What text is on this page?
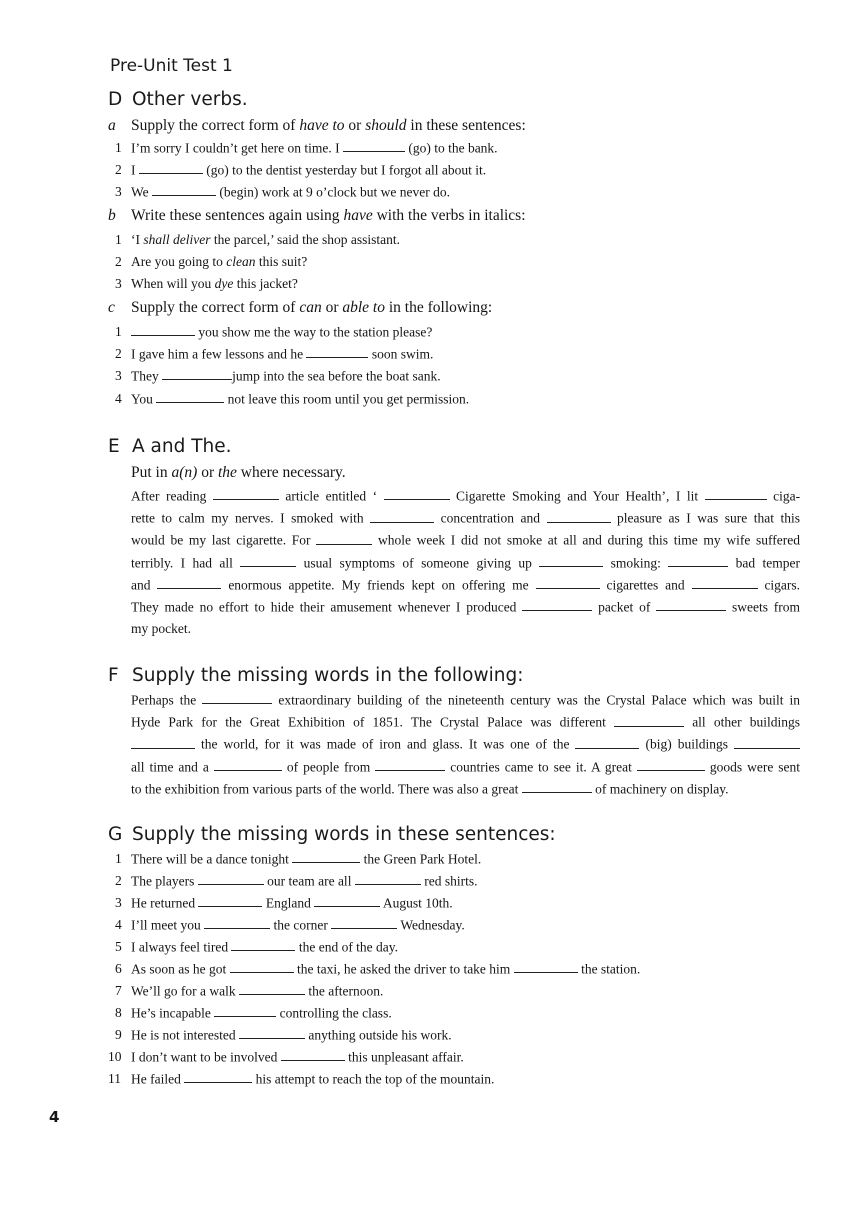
Pre-Unit Test 1
D Other verbs.
a Supply the correct form of have to or should in these sentences:
1 I’m sorry I couldn’t get here on time. I	(go) to the bank.
2 I	(go) to the dentist yesterday but I forgot all about it.
3 We	(begin) work at 9 o’clock but we never do.
b Write these sentences again using have with the verbs in italics:
1 ‘I shall deliver the parcel,’ said the shop assistant.
2 Are you going to clean this suit?
3 When will you dye this jacket?
c Supply the correct form of can or able to in the following:
1	you show me the way to the station please?
2 I gave him a few lessons and he	soon swim.
3 They	jump into the sea before the boat sank.
4 You	not leave this room until you get permission.
E A and The.
Put in a(n) or the where necessary.
After reading	article entitled ‘	Cigarette Smoking and Your Health’, I lit	ciga-
rette to calm my nerves. I smoked with	concentration and	pleasure as I was sure that this
would be my last cigarette. For	whole week I did not smoke at all and during this time my wife suffered
terribly. I had all	usual symptoms of someone giving up	smoking:	bad temper
and	enormous appetite. My friends kept on offering me	cigarettes and	cigars.
They made no effort to hide their amusement whenever I produced	packet of	sweets from
my pocket.
F Supply the missing words in the following:
Perhaps the	extraordinary building of the nineteenth century was the Crystal Palace which was built in
Hyde Park for the Great Exhibition of 1851. The Crystal Palace was different	all other buildings
the world, for it was made of iron and glass. It was one of the	(big) buildings
all time and a	of people from	countries came to see it. A great	goods were sent
to the exhibition from various parts of the world. There was also a great	of machinery on display.
G Supply the missing words in these sentences:
1 There will be a dance tonight	the Green Park Hotel.
2 The players	our team are all	red shirts.
3 He returned	England	August 10th.
4 I’ll meet you	the corner	Wednesday.
5 I always feel tired	the end of the day.
6 As soon as he got	the taxi, he asked the driver to take him	the station.
7 We’ll go for a walk	the afternoon.
8 He’s incapable	controlling the class.
9 He is not interested	anything outside his work.
10 I don’t want to be involved	this unpleasant affair.
11 He failed	his attempt to reach the top of the mountain.
4
